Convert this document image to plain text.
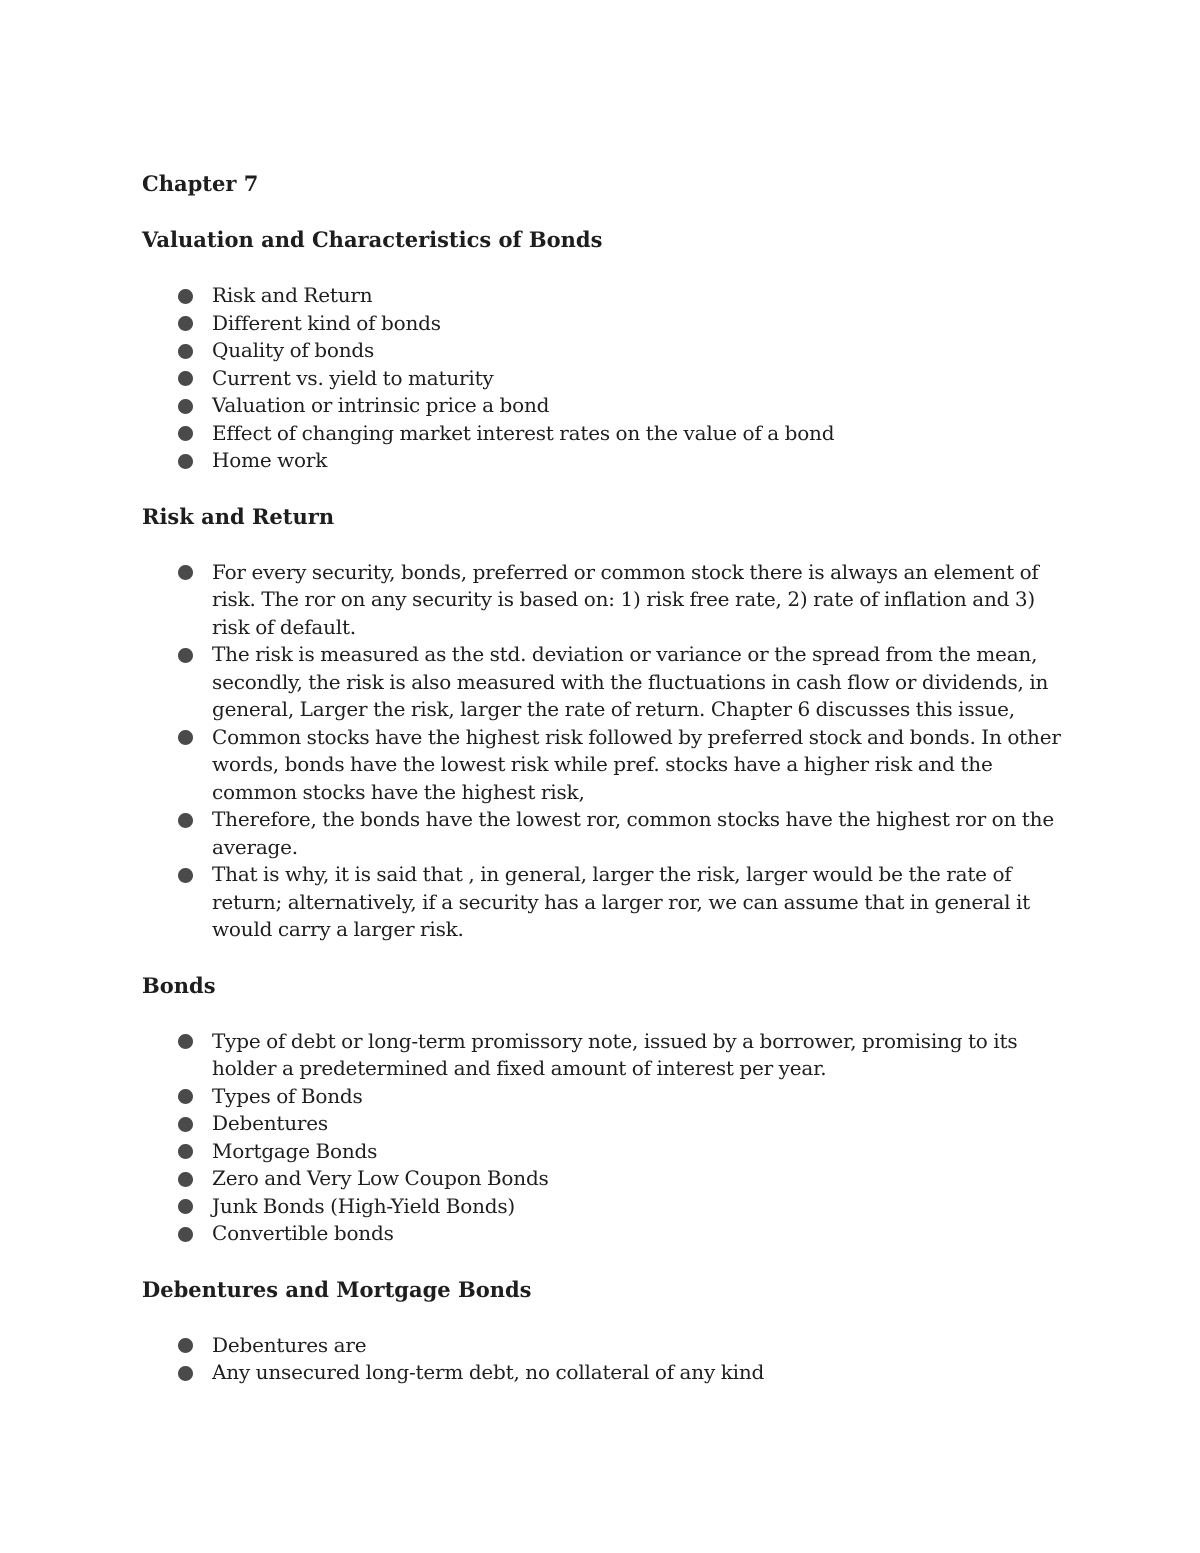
Chapter 7
Valuation and Characteristics of Bonds
Risk and Return
Different kind of bonds
Quality of bonds
Current vs. yield to maturity
Valuation or intrinsic price a bond
Effect of changing market interest rates on the value of a bond
Home work
Risk and Return
For every security, bonds, preferred or common stock there is always an element of risk. The ror on any security is based on: 1) risk free rate, 2) rate of inflation and 3) risk of default.
The risk is measured as the std. deviation or variance or the spread from the mean, secondly, the risk is also measured with the fluctuations in cash flow or dividends, in general, Larger the risk, larger the rate of return. Chapter 6 discusses this issue,
Common stocks have the highest risk followed by preferred stock and bonds. In other words, bonds have the lowest risk while pref. stocks have a higher risk and the common stocks have the highest risk,
Therefore, the bonds have the lowest ror, common stocks have the highest ror on the average.
That is why, it is said that , in general, larger the risk, larger would be the rate of return; alternatively, if a security has a larger ror, we can assume that in general it would carry a larger risk.
Bonds
Type of debt or long-term promissory note, issued by a borrower, promising to its holder a predetermined and fixed amount of interest per year.
Types of Bonds
Debentures
Mortgage Bonds
Zero and Very Low Coupon Bonds
Junk Bonds (High-Yield Bonds)
Convertible bonds
Debentures and Mortgage Bonds
Debentures are
Any unsecured long-term debt, no collateral of any kind
